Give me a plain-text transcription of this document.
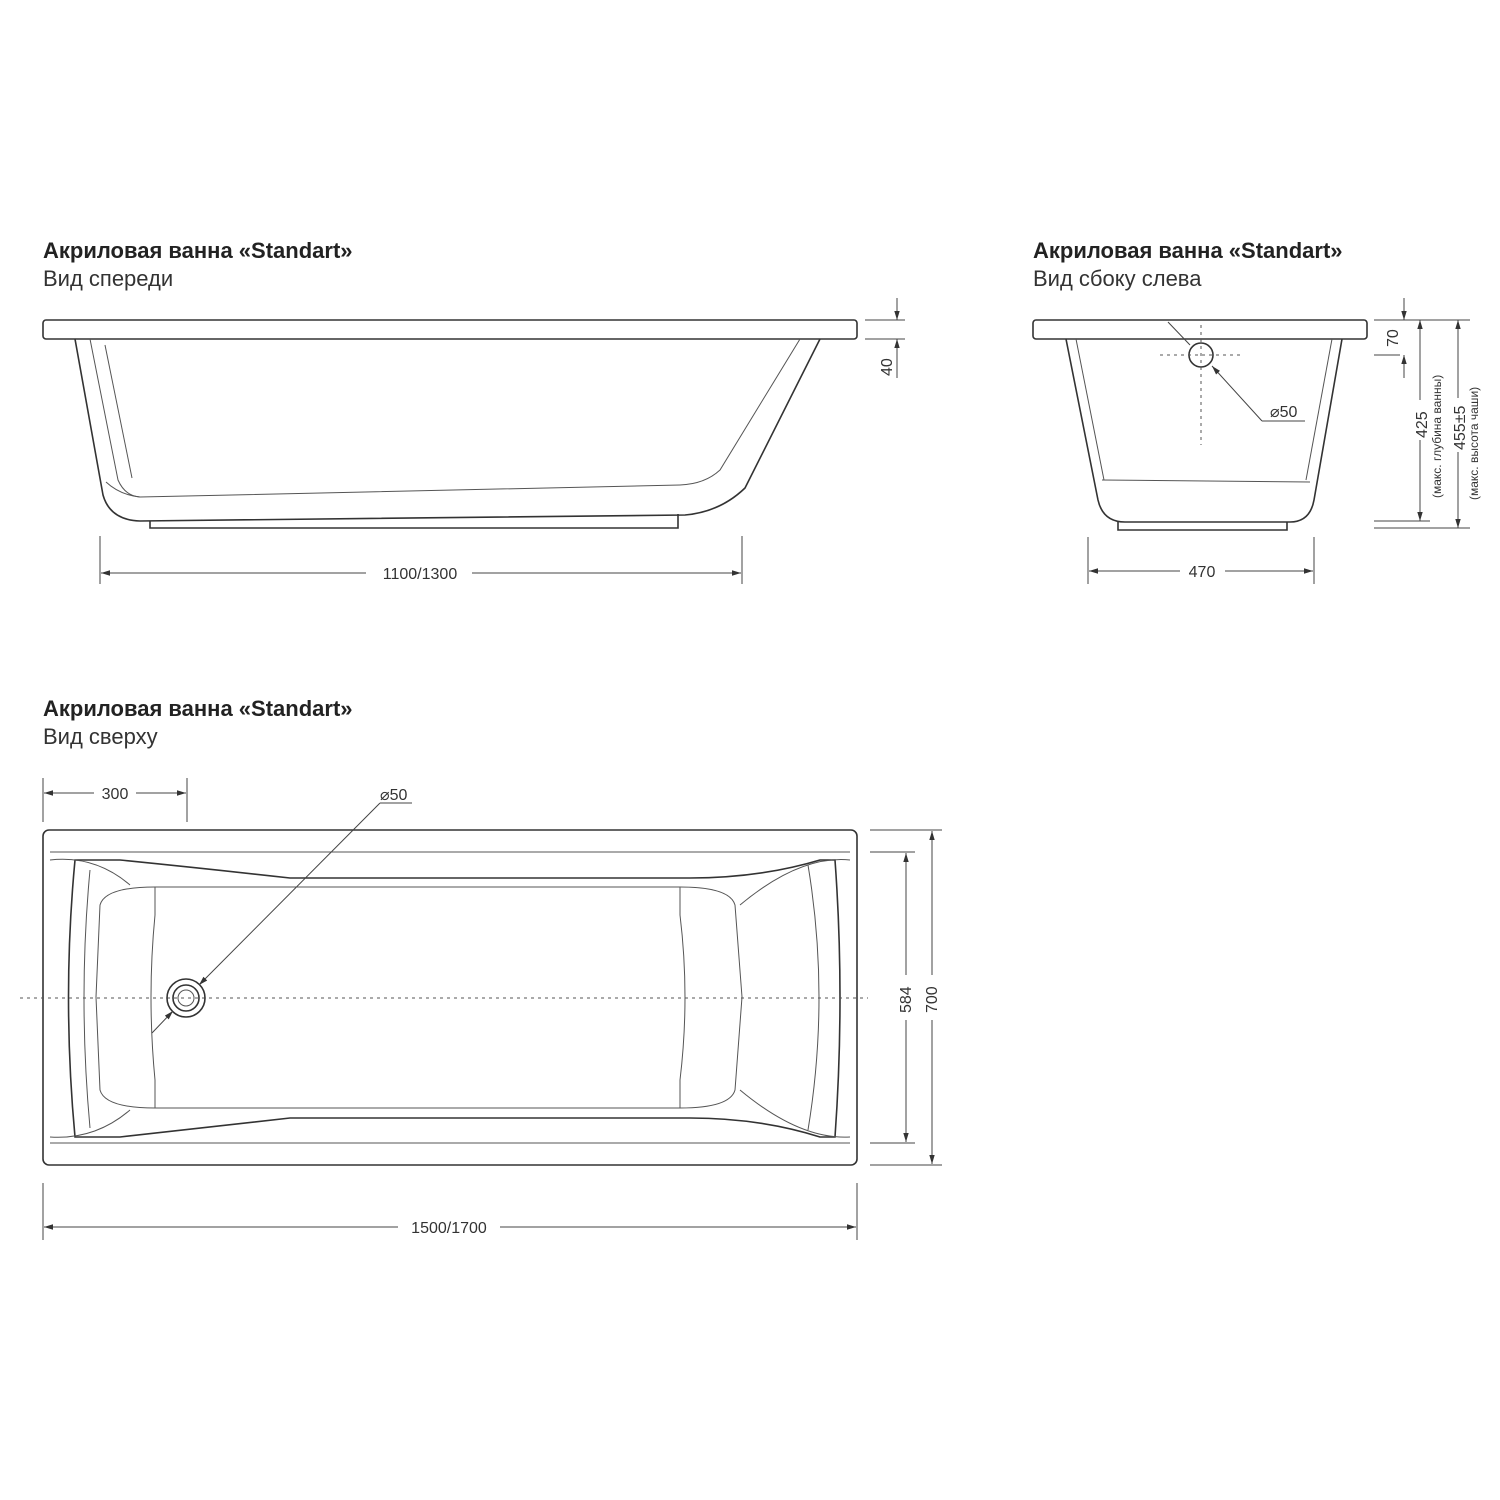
Акриловая ванна «Standart»
Вид спереди
Акриловая ванна «Standart»
Вид сбоку слева
Акриловая ванна «Standart»
Вид сверху
40
1100/1300
⌀50
70
425 (макс. глубина ванны) 455±5
(макс. высота чаши)
470
⌀50
300
584 700
1500/1700
